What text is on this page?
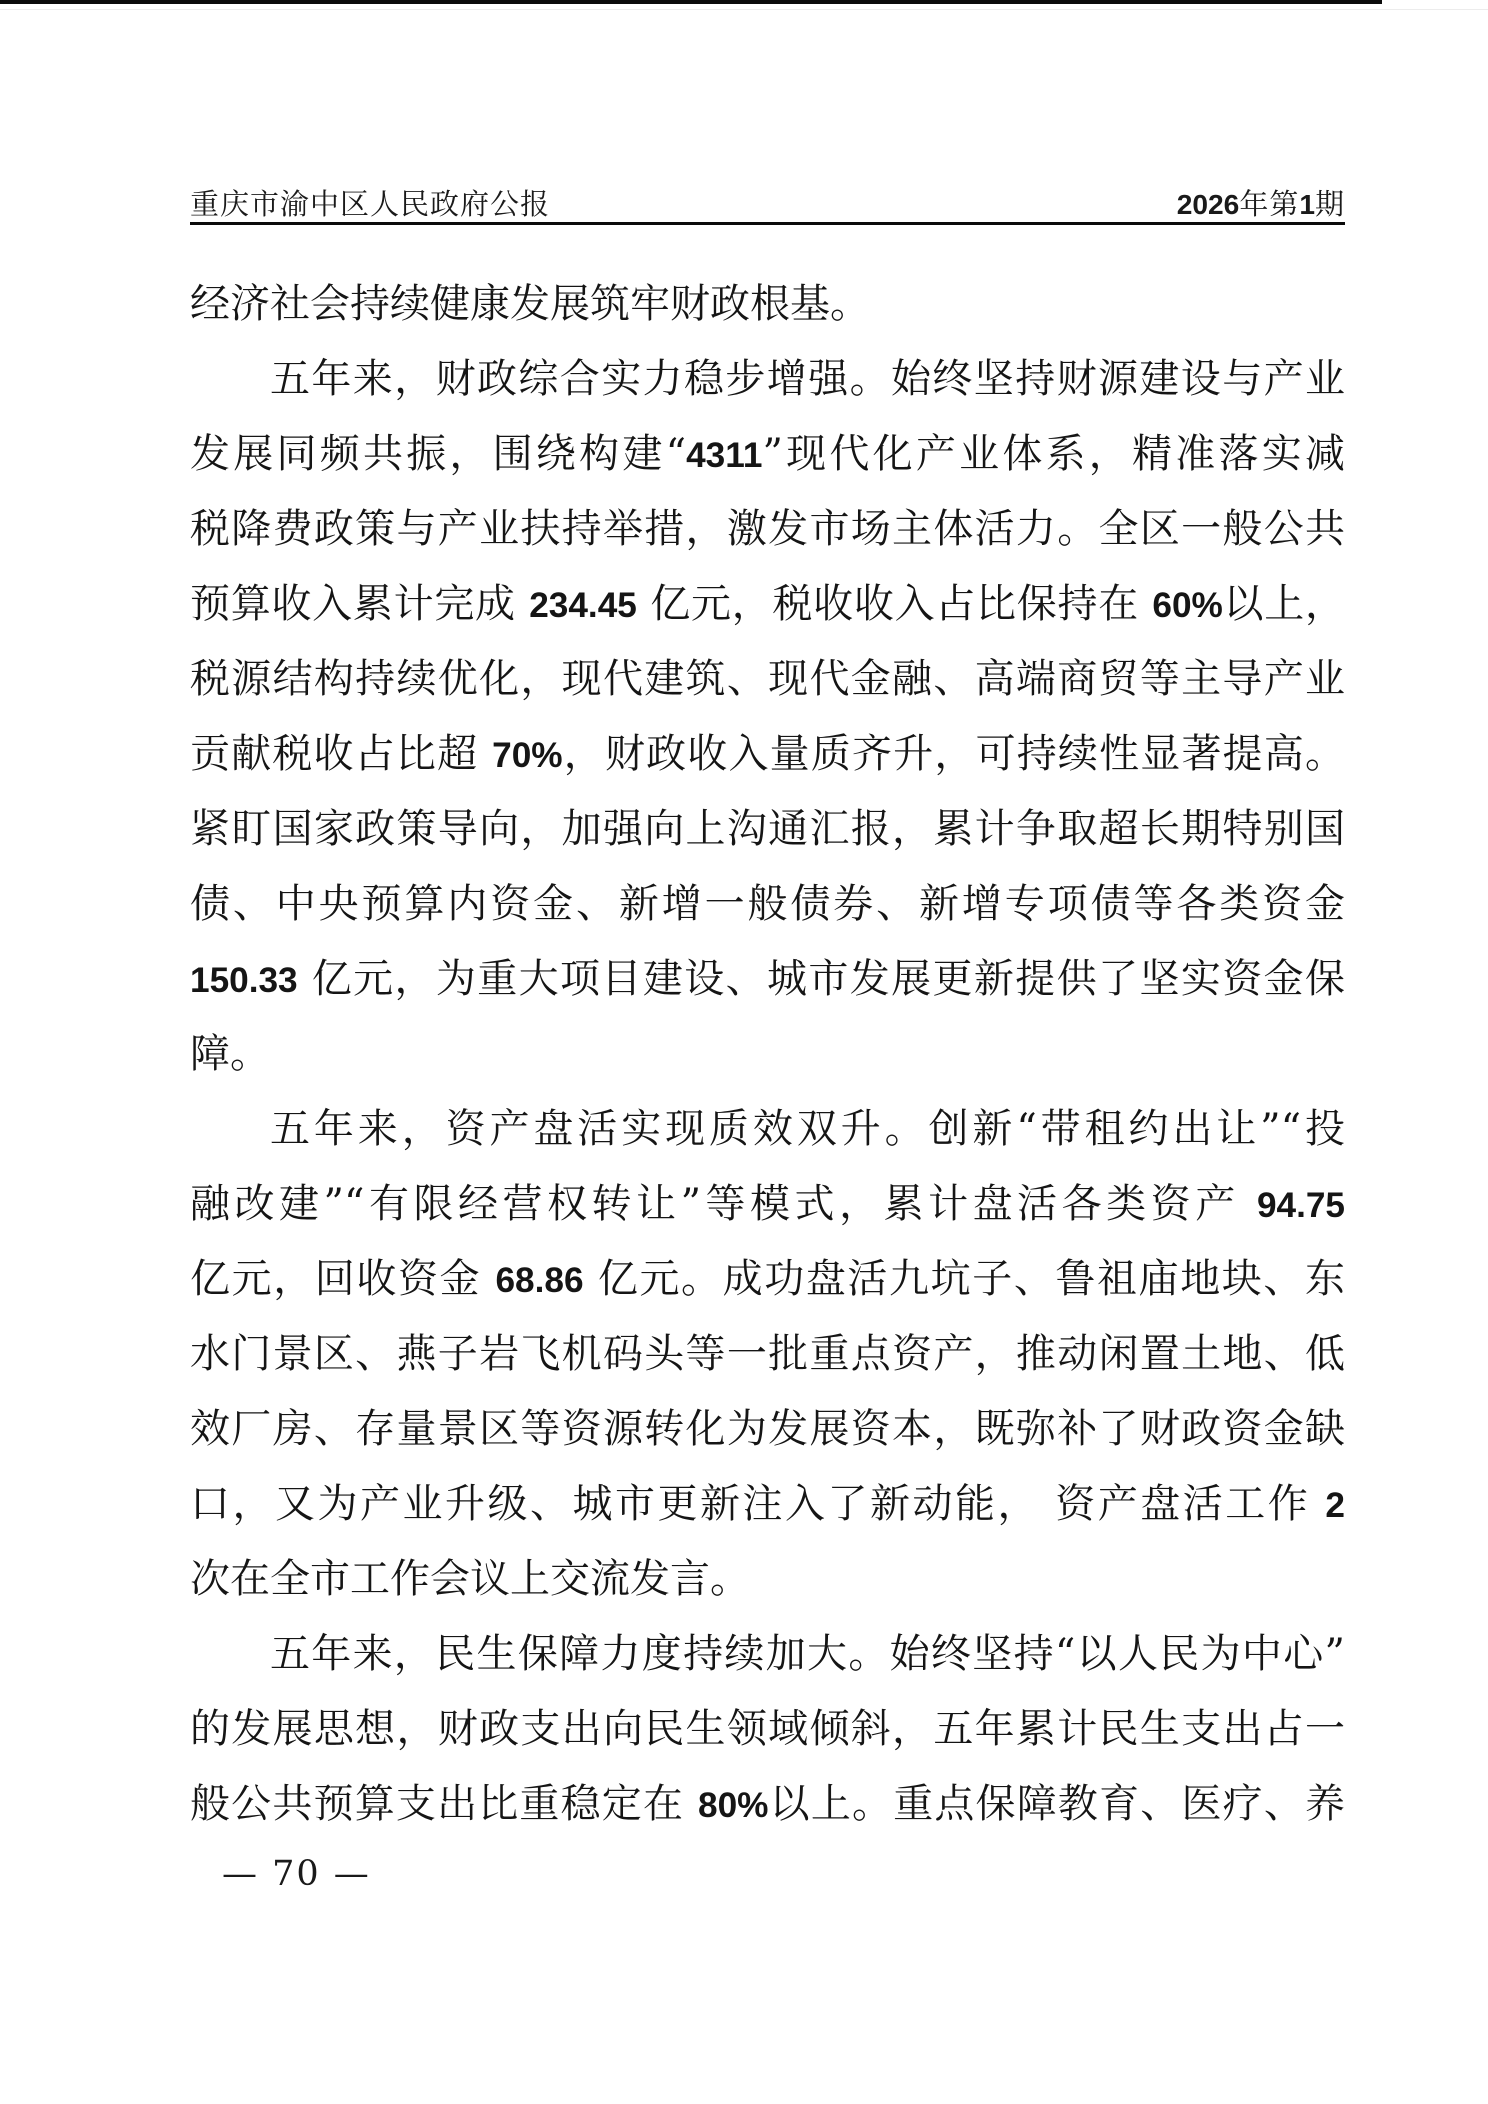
重庆市渝中区人民政府公报	2026年第1期
经济社会持续健康发展筑牢财政根基。
五年来，财政综合实力稳步增强。始终坚持财源建设与产业
发展同频共振，围绕构建“4311”现代化产业体系，精准落实减
税降费政策与产业扶持举措，激发市场主体活力。全区一般公共
预算收入累计完成 234.45 亿元，税收收入占比保持在 60%以上，
税源结构持续优化，现代建筑、现代金融、高端商贸等主导产业
贡献税收占比超 70%，财政收入量质齐升，可持续性显著提高。
紧盯国家政策导向，加强向上沟通汇报，累计争取超长期特别国
债、中央预算内资金、新增一般债券、新增专项债等各类资金
150.33 亿元，为重大项目建设、城市发展更新提供了坚实资金保
障。
五年来，资产盘活实现质效双升。创新“带租约出让”“投
融改建”“有限经营权转让”等模式，累计盘活各类资产 94.75
亿元，回收资金 68.86 亿元。成功盘活九坑子、鲁祖庙地块、东
水门景区、燕子岩飞机码头等一批重点资产，推动闲置土地、低
效厂房、存量景区等资源转化为发展资本，既弥补了财政资金缺
口，又为产业升级、城市更新注入了新动能， 资产盘活工作 2
次在全市工作会议上交流发言。
五年来，民生保障力度持续加大。始终坚持“以人民为中心”
的发展思想，财政支出向民生领域倾斜，五年累计民生支出占一
般公共预算支出比重稳定在 80%以上。重点保障教育、医疗、养
— 70 —
